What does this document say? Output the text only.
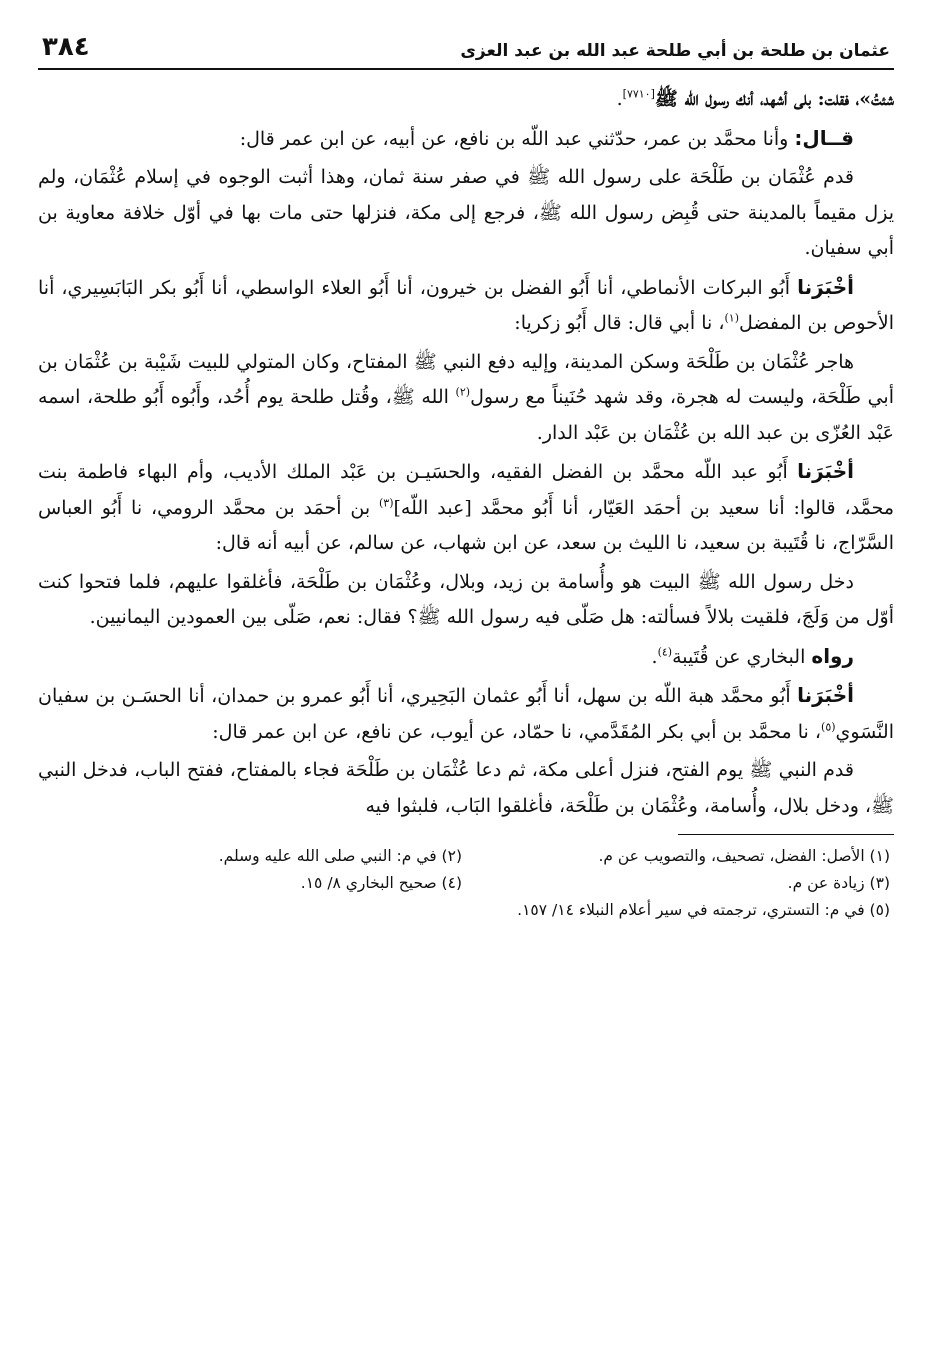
عثمان بن طلحة بن أبي طلحة عبد الله بن عبد العزى
٣٨٤

شئتُ»، فقلت: بلى أشهد، أنك رسول الله ﷺ[٧٧١٠].

قــال: وأنا محمَّد بن عمر، حدّثني عبد اللّه بن نافع، عن أبيه، عن ابن عمر قال:

قدم عُثْمَان بن طَلْحَة على رسول الله ﷺ في صفر سنة ثمان، وهذا أثبت الوجوه في إسلام عُثْمَان، ولم يزل مقيماً بالمدينة حتى قُبِض رسول الله ﷺ، فرجع إلى مكة، فنزلها حتى مات بها في أوّل خلافة معاوية بن أبي سفيان.

أخْبَرَنا أَبُو البركات الأنماطي، أنا أَبُو الفضل بن خيرون، أنا أَبُو العلاء الواسطي، أنا أَبُو بكر البَابَسِيري، أنا الأحوص بن المفضل$^{(١)}$، نا أبي قال: قال أَبُو زكريا:

هاجر عُثْمَان بن طَلْحَة وسكن المدينة، وإليه دفع النبي ﷺ المفتاح، وكان المتولي للبيت شَيْبة بن عُثْمَان بن أبي طَلْحَة، وليست له هجرة، وقد شهد حُنَيناً مع رسول$^{(٢)}$ الله ﷺ، وقُتل طلحة يوم أُحُد، وأَبُوه أَبُو طلحة، اسمه عَبْد العُزّى بن عبد الله بن عُثْمَان بن عَبْد الدار.

أخْبَرَنا أَبُو عبد اللّه محمَّد بن الفضل الفقيه، والحسَيـن بن عَبْد الملك الأديب، وأم البهاء فاطمة بنت محمَّد، قالوا: أنا سعيد بن أحمَد العَيّار، أنا أَبُو محمَّد [عبد اللّه]$^{(٣)}$ بن أحمَد بن محمَّد الرومي، نا أَبُو العباس السَّرّاج، نا قُتَيبة بن سعيد، نا الليث بن سعد، عن ابن شهاب، عن سالم، عن أبيه أنه قال:

دخل رسول الله ﷺ البيت هو وأُسامة بن زيد، وبلال، وعُثْمَان بن طَلْحَة، فأغلقوا عليهم، فلما فتحوا كنت أوّل من وَلَجَ، فلقيت بلالاً فسألته: هل صَلّى فيه رسول الله ﷺ؟ فقال: نعم، صَلّى بين العمودين اليمانيين.

رواه البخاري عن قُتَيبة$^{(٤)}$.

أخْبَرَنا أَبُو محمَّد هبة اللّه بن سهل، أنا أَبُو عثمان البَحِيري، أنا أَبُو عمرو بن حمدان، أنا الحسَـن بن سفيان النَّسَوي$^{(٥)}$، نا محمَّد بن أبي بكر المُقَدَّمي، نا حمّاد، عن أيوب، عن نافع، عن ابن عمر قال:

قدم النبي ﷺ يوم الفتح، فنزل أعلى مكة، ثم دعا عُثْمَان بن طَلْحَة فجاء بالمفتاح، ففتح الباب، فدخل النبي ﷺ، ودخل بلال، وأُسامة، وعُثْمَان بن طَلْحَة، فأغلقوا البَاب، فلبثوا فيه

(١) الأصل: الفضل، تصحيف، والتصويب عن م.
(٢) في م: النبي صلى الله عليه وسلم.
(٣) زيادة عن م.
(٤) صحيح البخاري ٨/ ١٥.
(٥) في م: التستري، ترجمته في سير أعلام النبلاء ١٤/ ١٥٧.
